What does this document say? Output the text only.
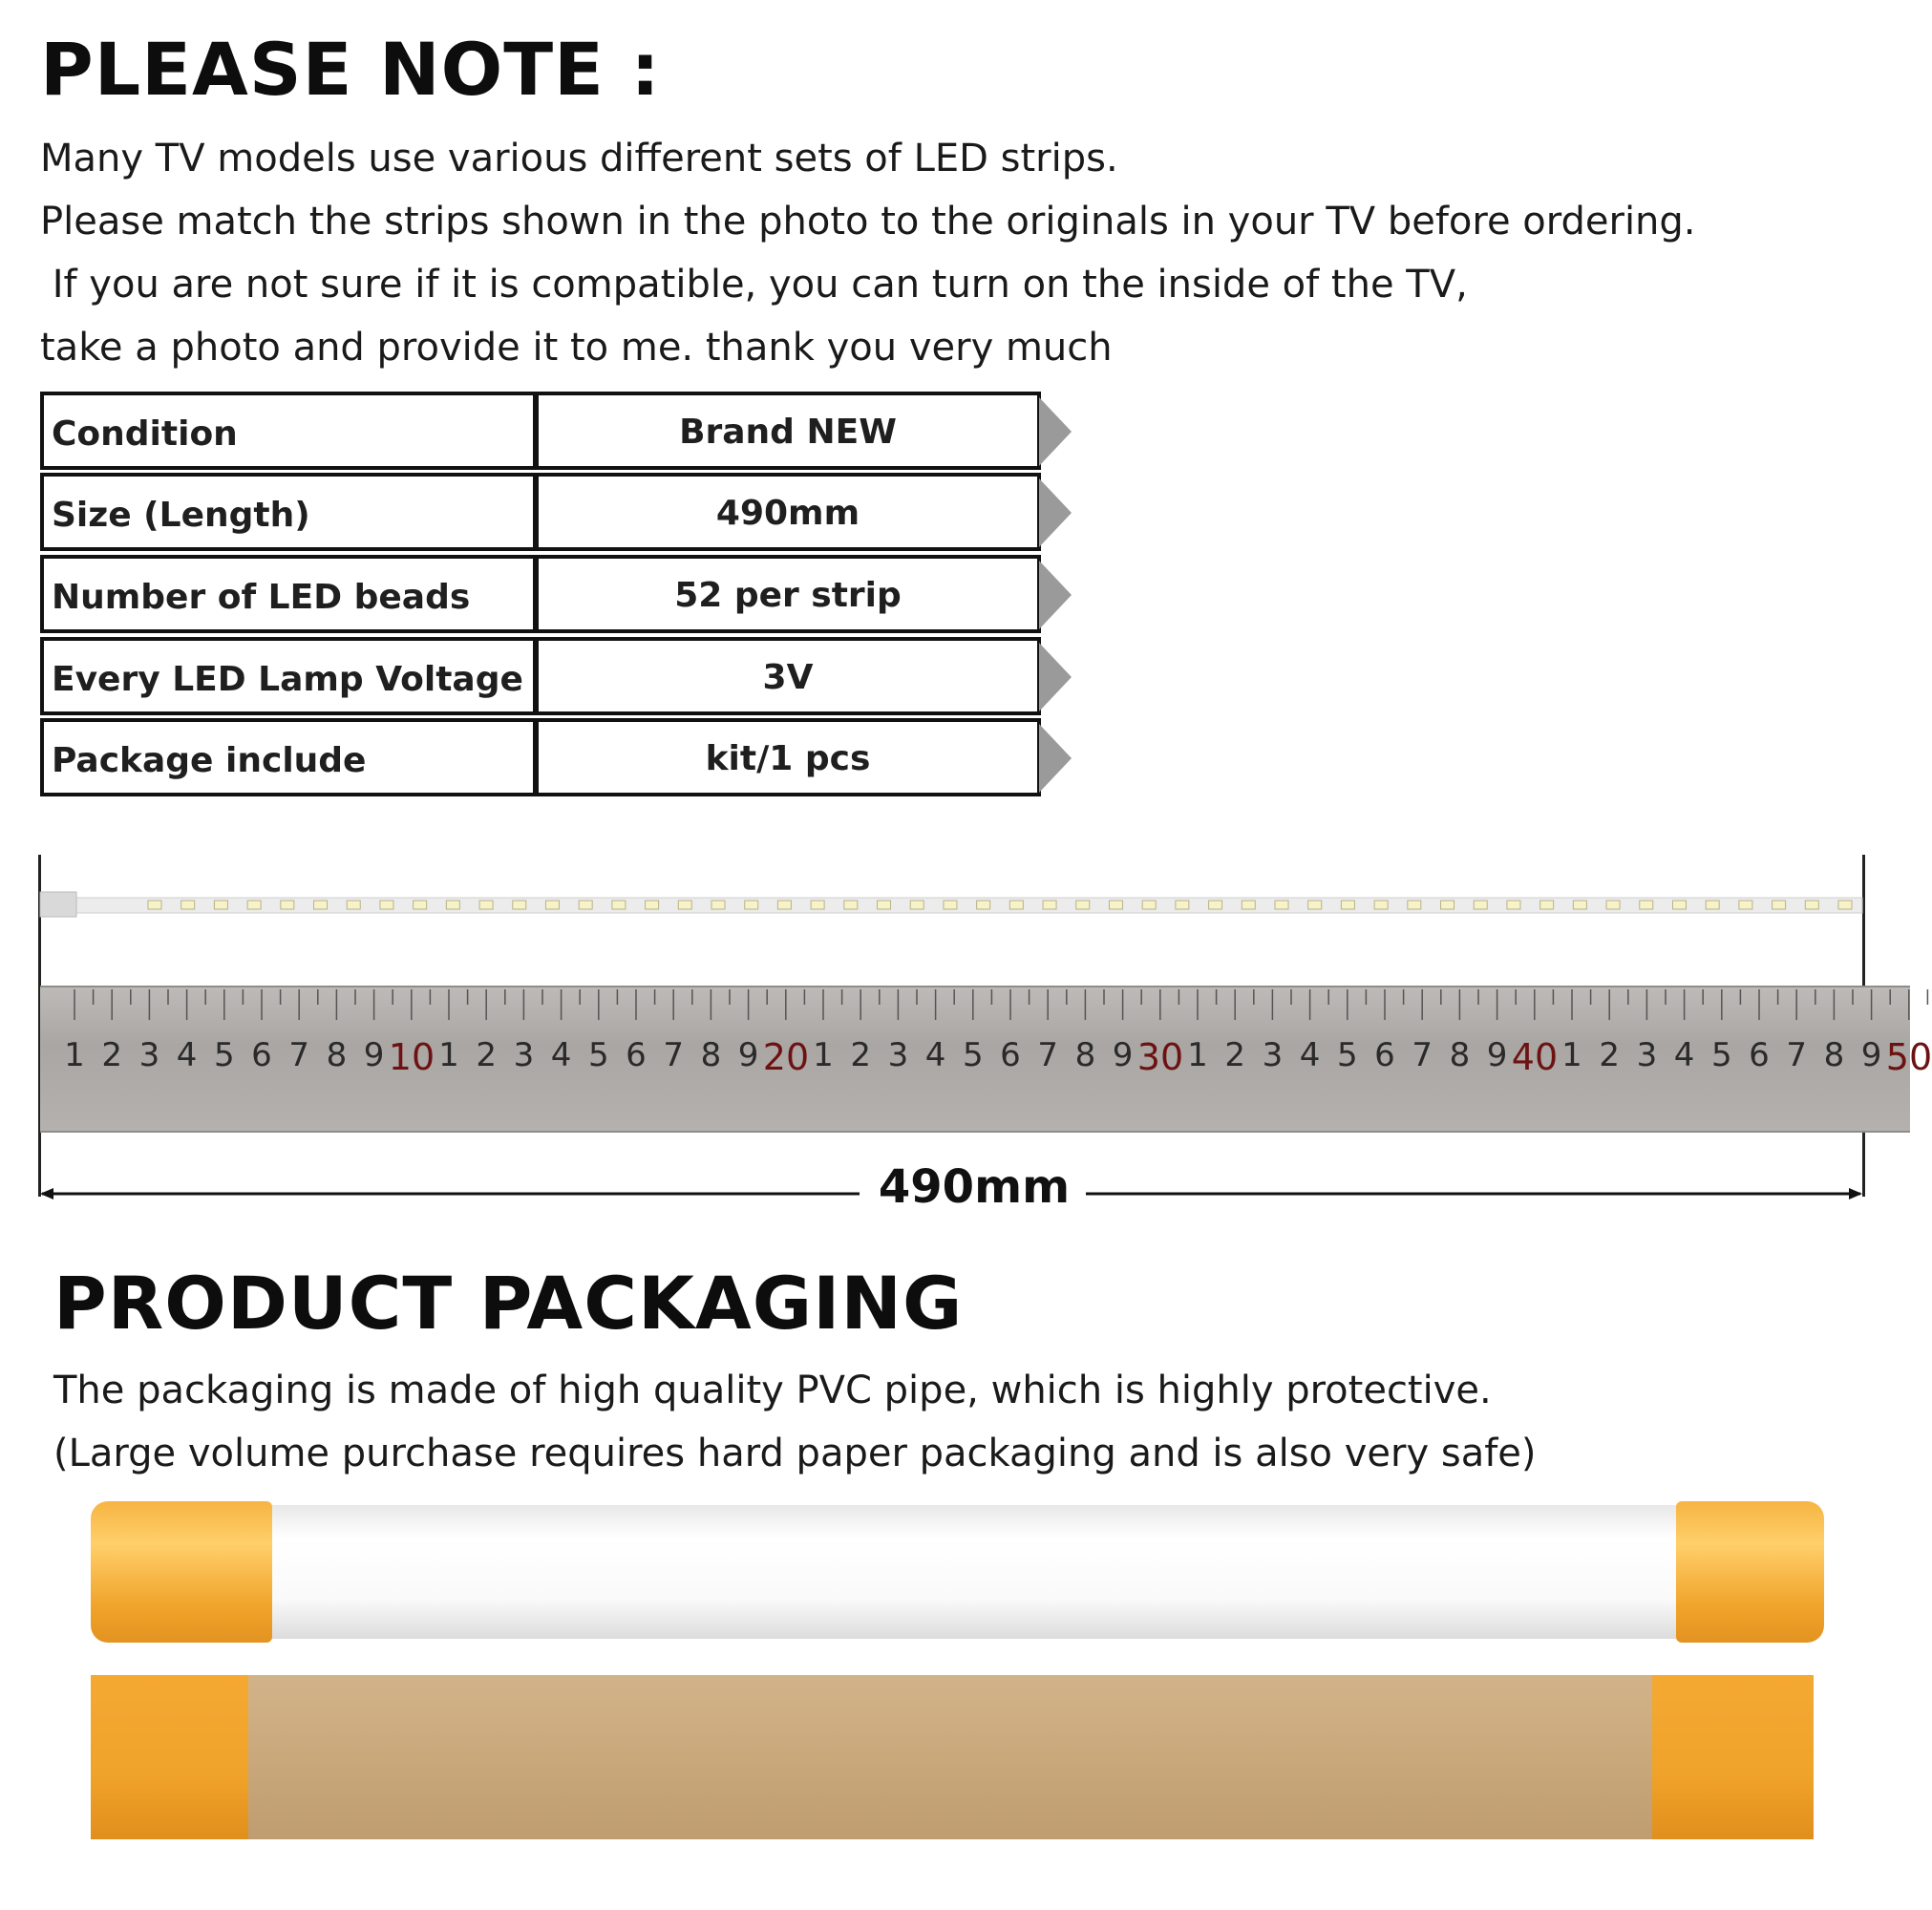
PLEASE NOTE :
Many TV models use various different sets of LED strips.
Please match the strips shown in the photo to the originals in your TV before ordering.
If you are not sure if it is compatible, you can turn on the inside of the TV,
take a photo and provide it to me. thank you very much
Condition	Brand NEW
Size (Length)	490mm
Number of LED beads	52 per strip
Every LED Lamp Voltage	3V
Package include	kit/1 pcs
1 2 3 4 5 6 7 8 9 10 1 2 3 4 5 6 7 8 9 20 1 2 3 4 5 6 7 8 9 30 1 2 3 4 5 6 7 8 9 40 1 2 3 4 5 6 7 8 9 50
490mm
PRODUCT PACKAGING
The packaging is made of high quality PVC pipe, which is highly protective.
(Large volume purchase requires hard paper packaging and is also very safe)
